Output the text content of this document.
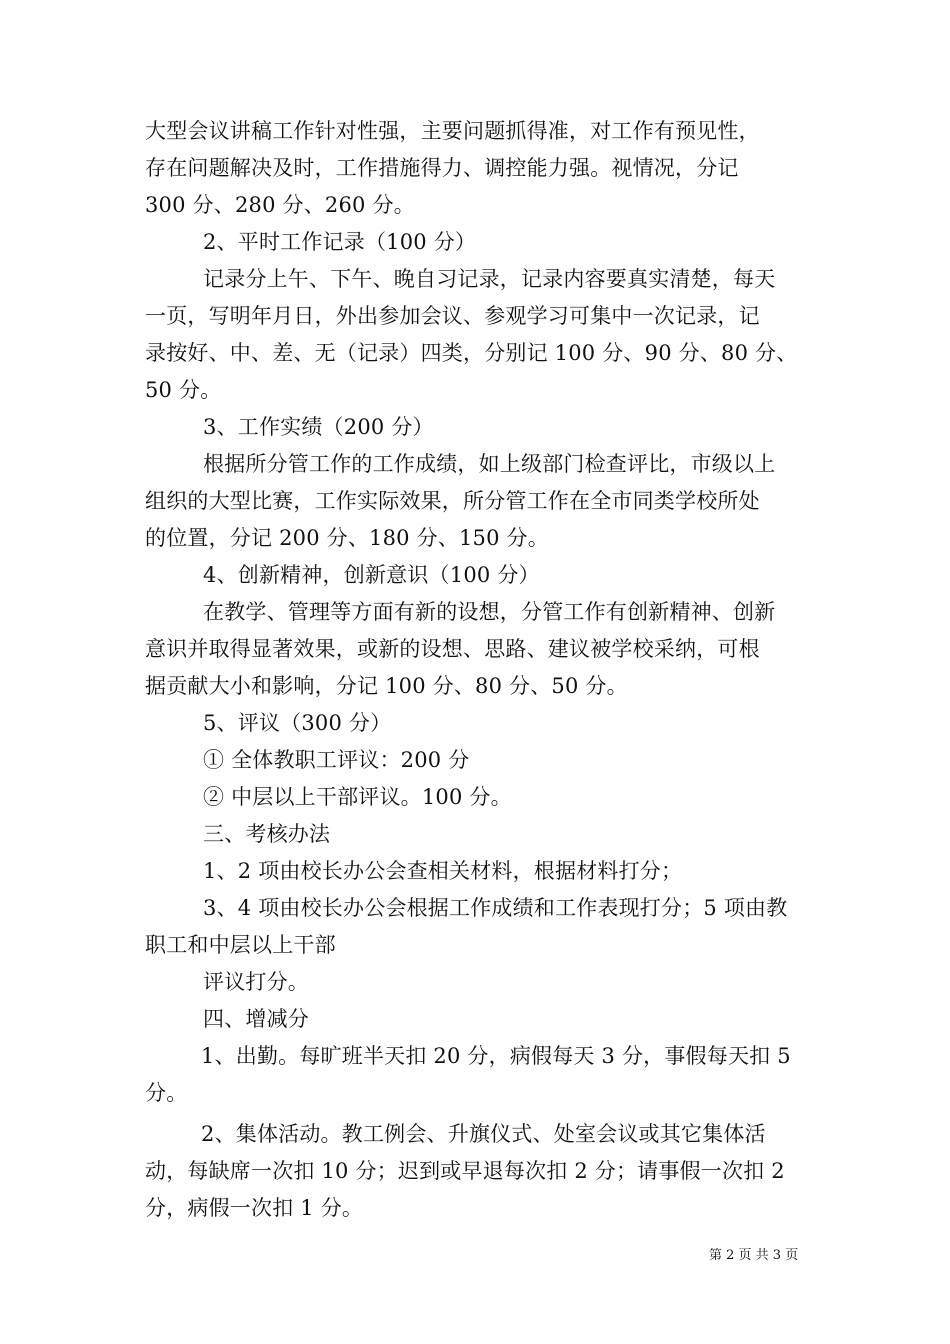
大型会议讲稿工作针对性强，主要问题抓得准，对工作有预见性，
存在问题解决及时，工作措施得力、调控能力强。视情况，分记
300 分、280 分、260 分。
2、平时工作记录（100 分）
记录分上午、下午、晚自习记录，记录内容要真实清楚，每天
一页，写明年月日，外出参加会议、参观学习可集中一次记录，记
录按好、中、差、无（记录）四类，分别记 100 分、90 分、80 分、
50 分。
3、工作实绩（200 分）
根据所分管工作的工作成绩，如上级部门检查评比，市级以上
组织的大型比赛，工作实际效果，所分管工作在全市同类学校所处
的位置，分记 200 分、180 分、150 分。
4、创新精神，创新意识（100 分）
在教学、管理等方面有新的设想，分管工作有创新精神、创新
意识并取得显著效果，或新的设想、思路、建议被学校采纳，可根
据贡献大小和影响，分记 100 分、80 分、50 分。
5、评议（300 分）
① 全体教职工评议：200 分
② 中层以上干部评议。100 分。
三、考核办法
1、2 项由校长办公会查相关材料，根据材料打分；
3、4 项由校长办公会根据工作成绩和工作表现打分；5 项由教
职工和中层以上干部
评议打分。
四、增减分
1、出勤。每旷班半天扣 20 分，病假每天 3 分，事假每天扣 5
分。
2、集体活动。教工例会、升旗仪式、处室会议或其它集体活
动，每缺席一次扣 10 分；迟到或早退每次扣 2 分；请事假一次扣 2
分，病假一次扣 1 分。
第 2 页 共 3 页
